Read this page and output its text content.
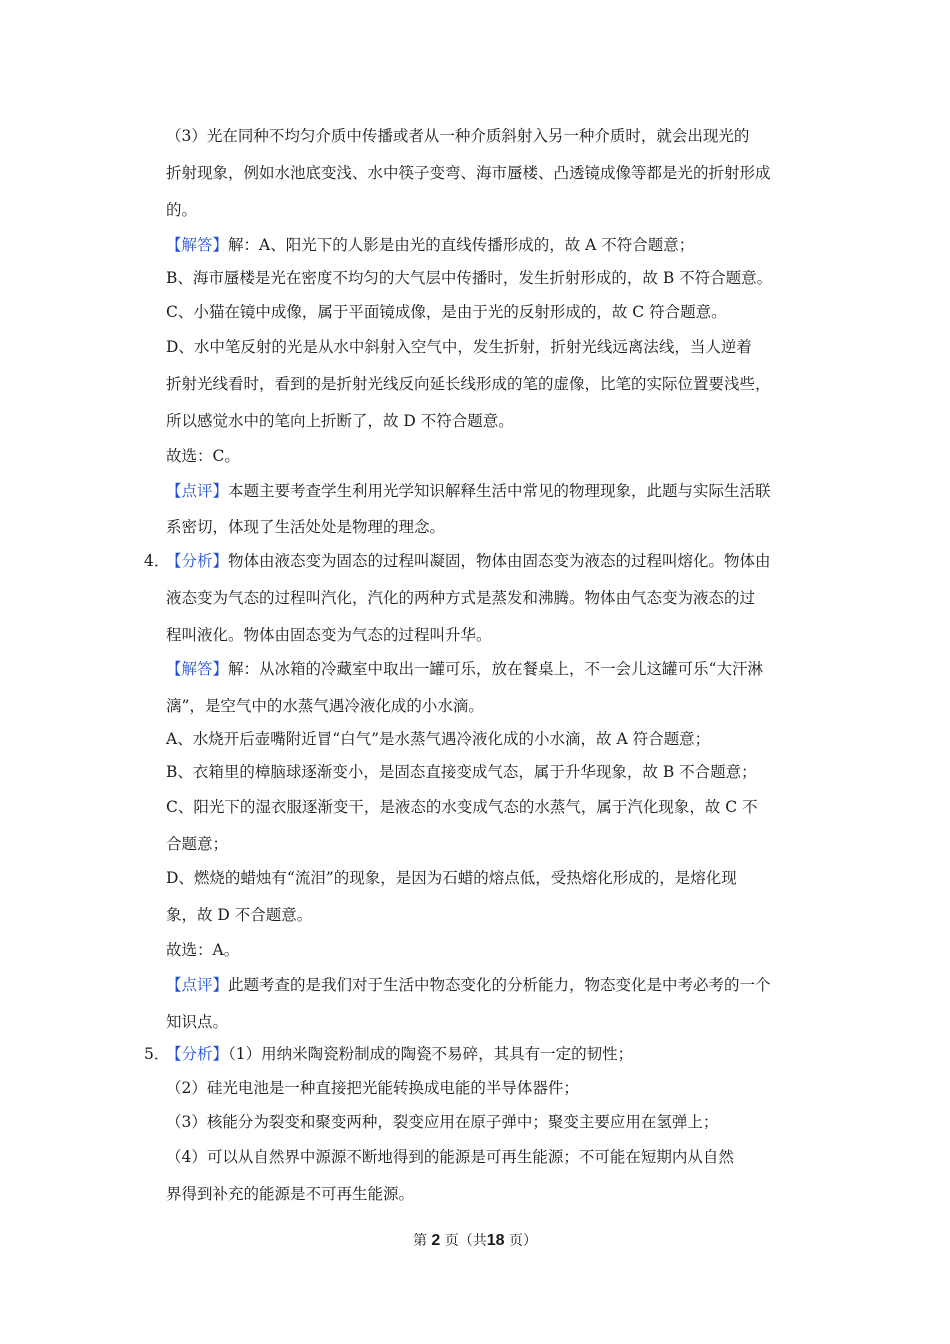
（3）光在同种不均匀介质中传播或者从一种介质斜射入另一种介质时，就会出现光的
折射现象，例如水池底变浅、水中筷子变弯、海市蜃楼、凸透镜成像等都是光的折射形成
的。
【解答】解：A、阳光下的人影是由光的直线传播形成的，故 A 不符合题意；
B、海市蜃楼是光在密度不均匀的大气层中传播时，发生折射形成的，故 B 不符合题意。
C、小猫在镜中成像，属于平面镜成像，是由于光的反射形成的，故 C 符合题意。
D、水中笔反射的光是从水中斜射入空气中，发生折射，折射光线远离法线，当人逆着
折射光线看时，看到的是折射光线反向延长线形成的笔的虚像，比笔的实际位置要浅些，
所以感觉水中的笔向上折断了，故 D 不符合题意。
故选：C。
【点评】本题主要考查学生利用光学知识解释生活中常见的物理现象，此题与实际生活联
系密切，体现了生活处处是物理的理念。
4．
【分析】物体由液态变为固态的过程叫凝固，物体由固态变为液态的过程叫熔化。物体由
液态变为气态的过程叫汽化，汽化的两种方式是蒸发和沸腾。物体由气态变为液态的过
程叫液化。物体由固态变为气态的过程叫升华。
【解答】解：从冰箱的冷藏室中取出一罐可乐，放在餐桌上，不一会儿这罐可乐“大汗淋
漓”，是空气中的水蒸气遇冷液化成的小水滴。
A、水烧开后壶嘴附近冒“白气”是水蒸气遇冷液化成的小水滴，故 A 符合题意；
B、衣箱里的樟脑球逐渐变小，是固态直接变成气态，属于升华现象，故 B 不合题意；
C、阳光下的湿衣服逐渐变干，是液态的水变成气态的水蒸气，属于汽化现象，故 C 不
合题意；
D、燃烧的蜡烛有“流泪”的现象，是因为石蜡的熔点低，受热熔化形成的，是熔化现
象，故 D 不合题意。
故选：A。
【点评】此题考查的是我们对于生活中物态变化的分析能力，物态变化是中考必考的一个
知识点。
5．
【分析】（1）用纳米陶瓷粉制成的陶瓷不易碎，其具有一定的韧性；
（2）硅光电池是一种直接把光能转换成电能的半导体器件；
（3）核能分为裂变和聚变两种，裂变应用在原子弹中；聚变主要应用在氢弹上；
（4）可以从自然界中源源不断地得到的能源是可再生能源；不可能在短期内从自然
界得到补充的能源是不可再生能源。
第 2 页（共18 页）
